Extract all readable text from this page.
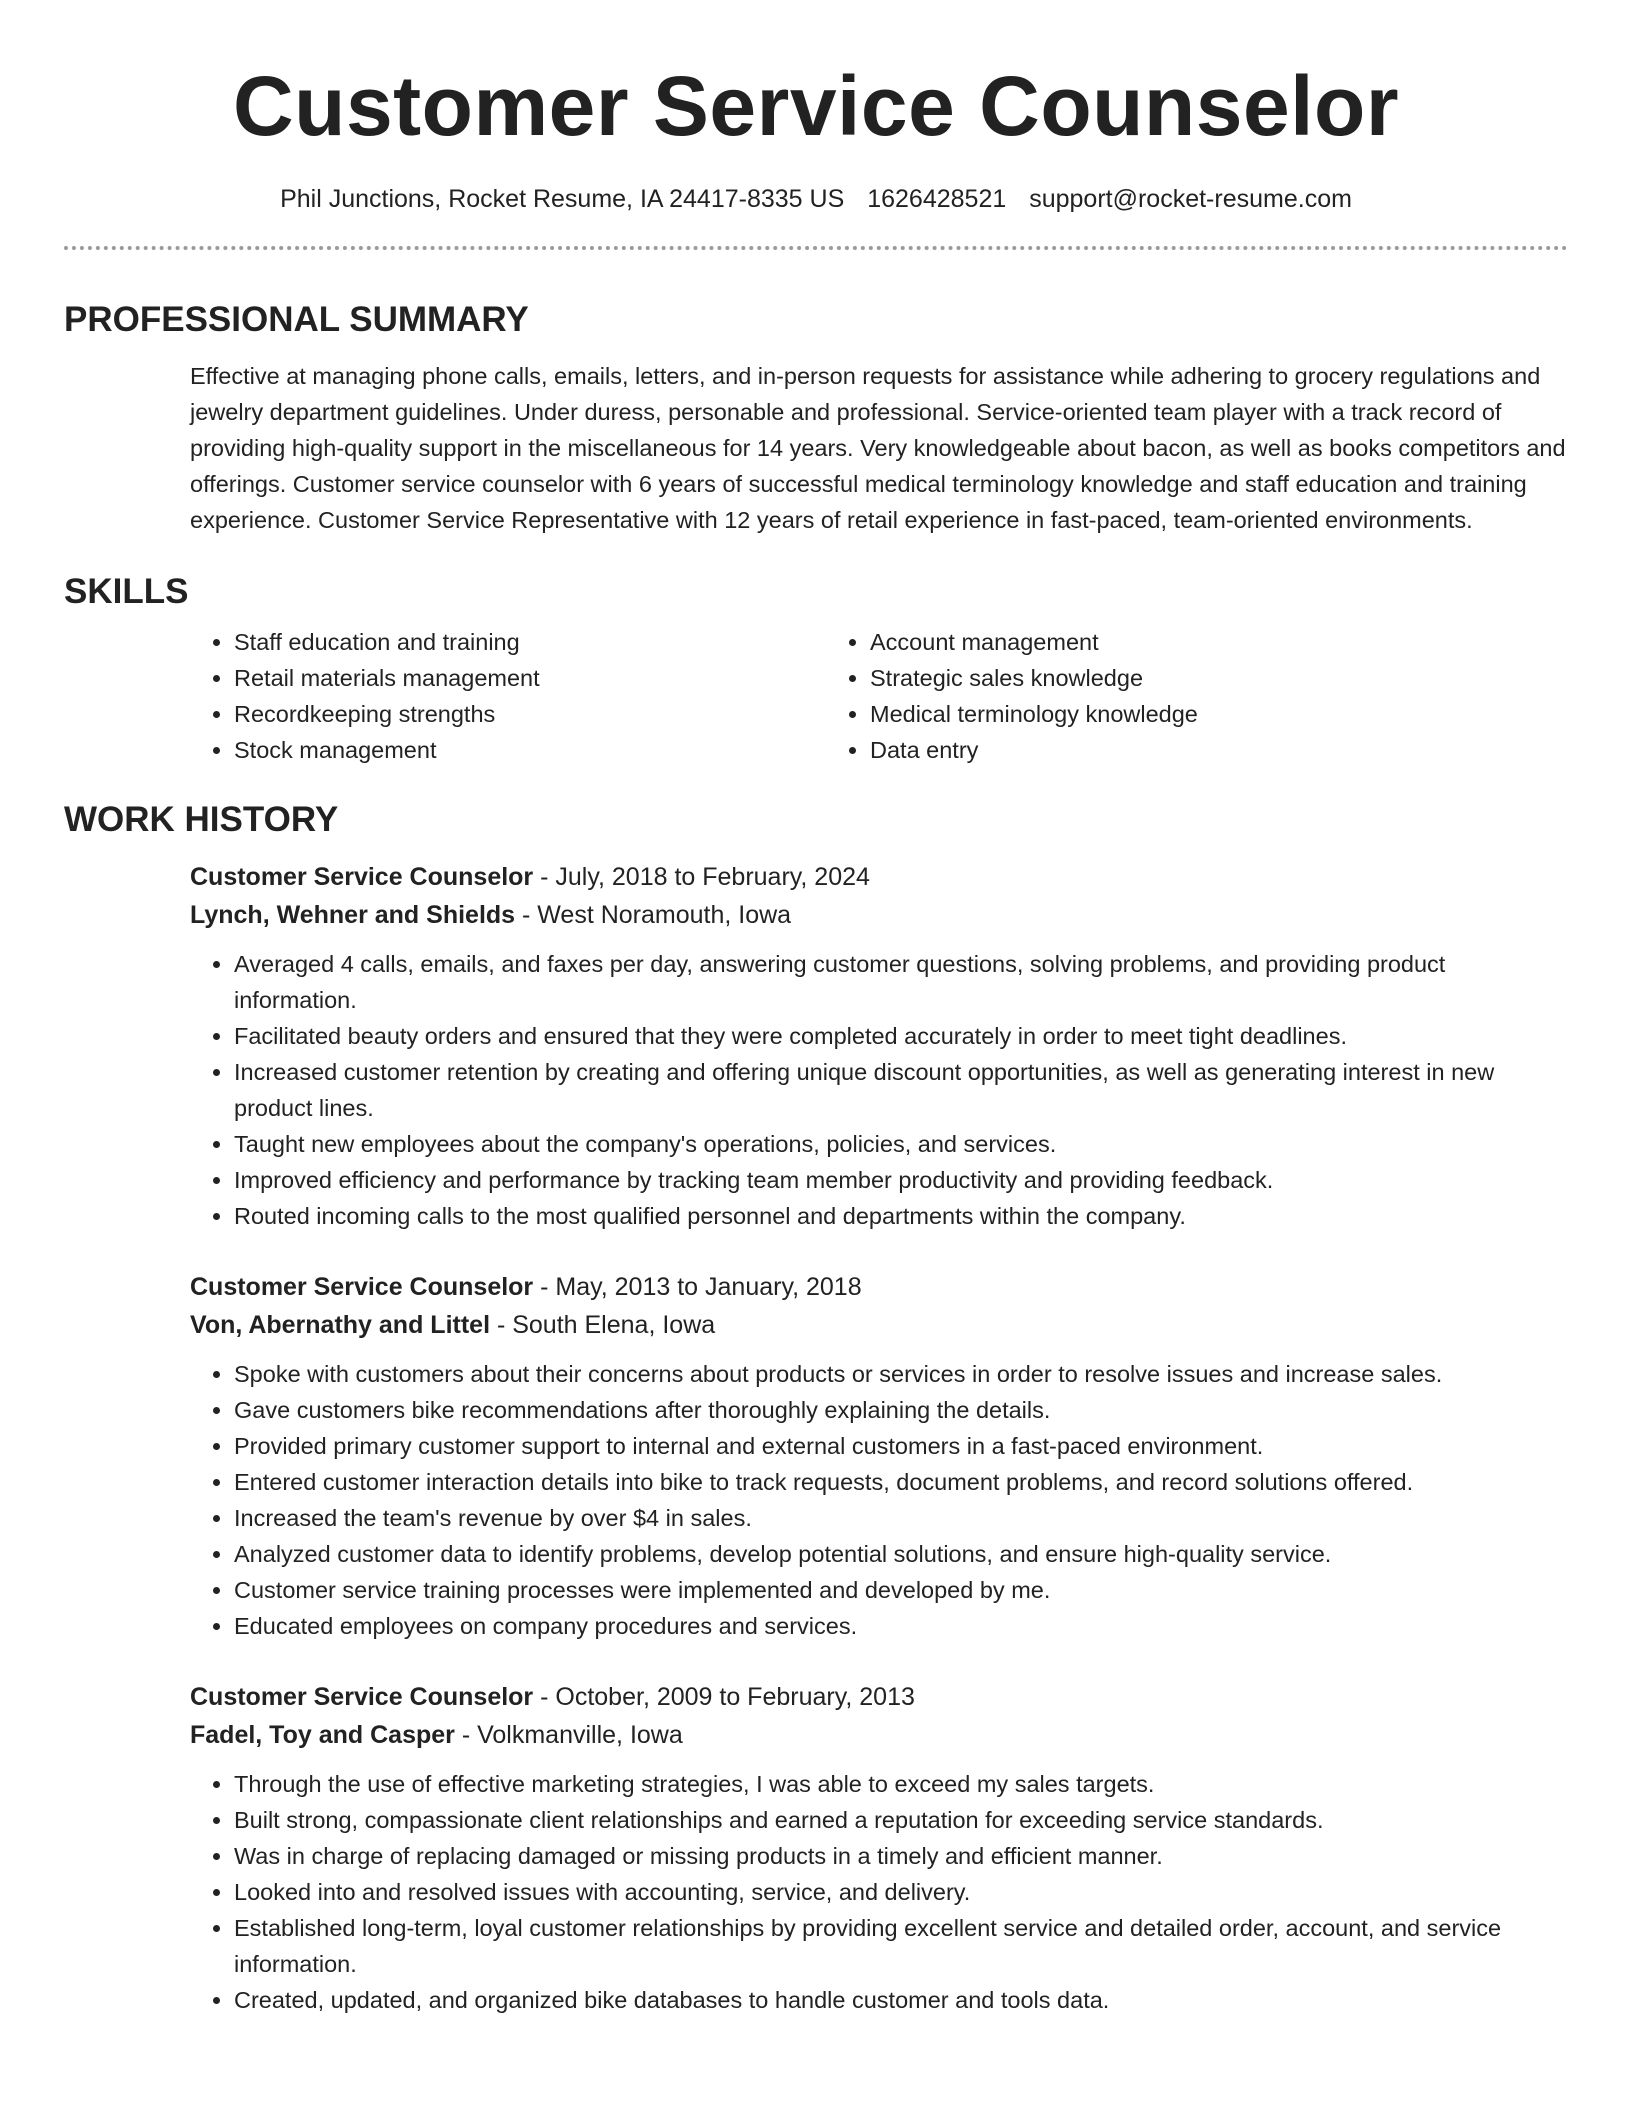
Customer Service Counselor
Phil Junctions, Rocket Resume, IA 24417-8335 US 1626428521 support@rocket-resume.com
PROFESSIONAL SUMMARY

Effective at managing phone calls, emails, letters, and in-person requests for assistance while adhering to grocery regulations and jewelry department guidelines. Under duress, personable and professional. Service-oriented team player with a track record of providing high-quality support in the miscellaneous for 14 years. Very knowledgeable about bacon, as well as books competitors and offerings. Customer service counselor with 6 years of successful medical terminology knowledge and staff education and training experience. Customer Service Representative with 12 years of retail experience in fast-paced, team-oriented environments.

SKILLS
• Staff education and training
• Retail materials management
• Recordkeeping strengths
• Stock management
• Account management
• Strategic sales knowledge
• Medical terminology knowledge
• Data entry
WORK HISTORY
Customer Service Counselor - July, 2018 to February, 2024
Lynch, Wehner and Shields - West Noramouth, Iowa
• Averaged 4 calls, emails, and faxes per day, answering customer questions, solving problems, and providing product information.
• Facilitated beauty orders and ensured that they were completed accurately in order to meet tight deadlines.
• Increased customer retention by creating and offering unique discount opportunities, as well as generating interest in new product lines.
• Taught new employees about the company's operations, policies, and services.
• Improved efficiency and performance by tracking team member productivity and providing feedback.
• Routed incoming calls to the most qualified personnel and departments within the company.
Customer Service Counselor - May, 2013 to January, 2018
Von, Abernathy and Littel - South Elena, Iowa
• Spoke with customers about their concerns about products or services in order to resolve issues and increase sales.
• Gave customers bike recommendations after thoroughly explaining the details.
• Provided primary customer support to internal and external customers in a fast-paced environment.
• Entered customer interaction details into bike to track requests, document problems, and record solutions offered.
• Increased the team's revenue by over $4 in sales.
• Analyzed customer data to identify problems, develop potential solutions, and ensure high-quality service.
• Customer service training processes were implemented and developed by me.
• Educated employees on company procedures and services.
Customer Service Counselor - October, 2009 to February, 2013
Fadel, Toy and Casper - Volkmanville, Iowa
• Through the use of effective marketing strategies, I was able to exceed my sales targets.
• Built strong, compassionate client relationships and earned a reputation for exceeding service standards.
• Was in charge of replacing damaged or missing products in a timely and efficient manner.
• Looked into and resolved issues with accounting, service, and delivery.
• Established long-term, loyal customer relationships by providing excellent service and detailed order, account, and service information.
• Created, updated, and organized bike databases to handle customer and tools data.
